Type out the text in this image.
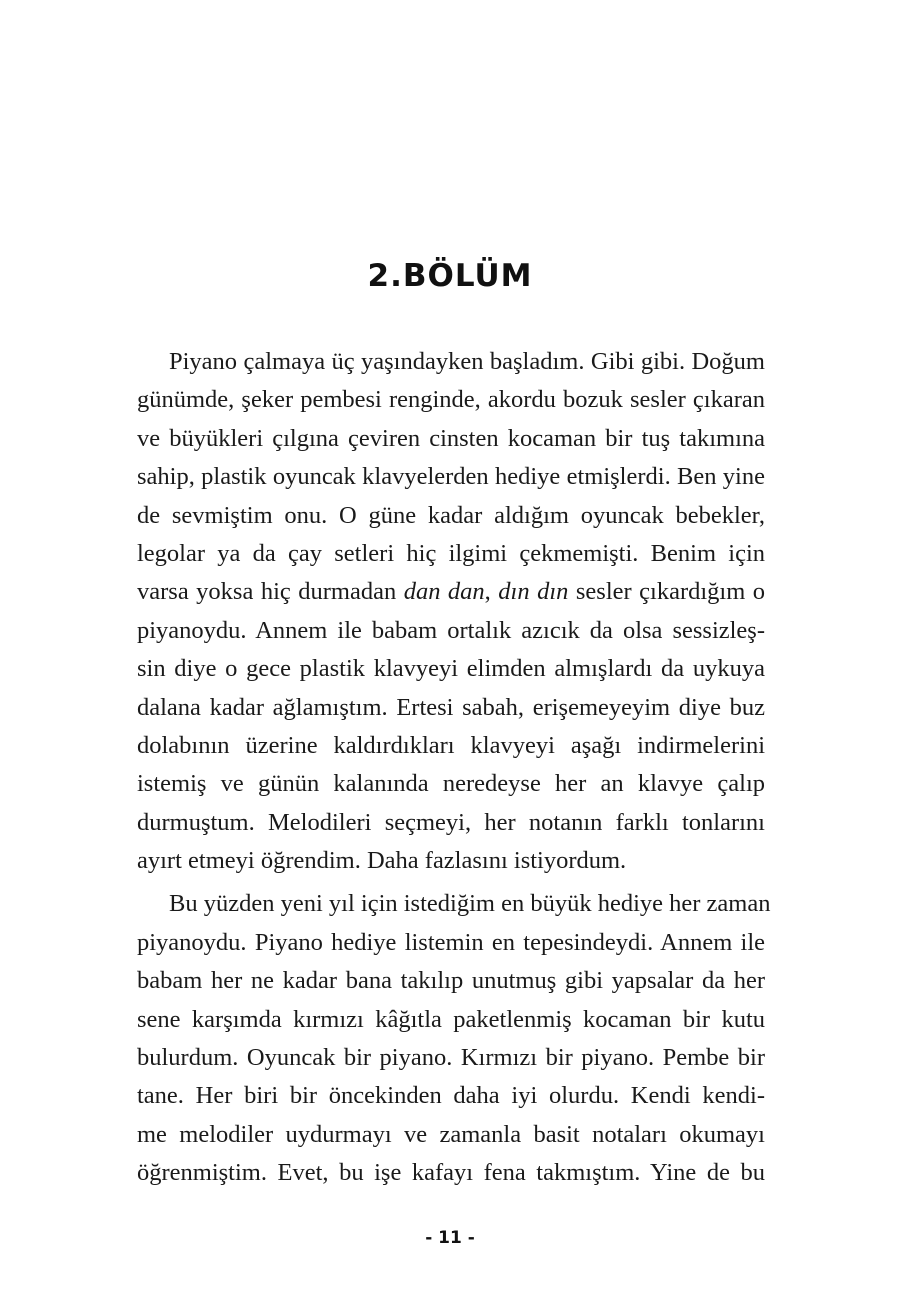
2.BÖLÜM
Piyano çalmaya üç yaşındayken başladım. Gibi gibi. Doğum
günümde, şeker pembesi renginde, akordu bozuk sesler çıkaran
ve büyükleri çılgına çeviren cinsten kocaman bir tuş takımına
sahip, plastik oyuncak klavyelerden hediye etmişlerdi. Ben yine
de sevmiştim onu. O güne kadar aldığım oyuncak bebekler,
legolar ya da çay setleri hiç ilgimi çekmemişti. Benim için
varsa yoksa hiç durmadan dan dan, dın dın sesler çıkardığım o
piyanoydu. Annem ile babam ortalık azıcık da olsa sessizleş-
sin diye o gece plastik klavyeyi elimden almışlardı da uykuya
dalana kadar ağlamıştım. Ertesi sabah, erişemeyeyim diye buz
dolabının üzerine kaldırdıkları klavyeyi aşağı indirmelerini
istemiş ve günün kalanında neredeyse her an klavye çalıp
durmuştum. Melodileri seçmeyi, her notanın farklı tonlarını
ayırt etmeyi öğrendim. Daha fazlasını istiyordum.
Bu yüzden yeni yıl için istediğim en büyük hediye her zaman
piyanoydu. Piyano hediye listemin en tepesindeydi. Annem ile
babam her ne kadar bana takılıp unutmuş gibi yapsalar da her
sene karşımda kırmızı kâğıtla paketlenmiş kocaman bir kutu
bulurdum. Oyuncak bir piyano. Kırmızı bir piyano. Pembe bir
tane. Her biri bir öncekinden daha iyi olurdu. Kendi kendi-
me melodiler uydurmayı ve zamanla basit notaları okumayı
öğrenmiştim. Evet, bu işe kafayı fena takmıştım. Yine de bu

- 11 -
